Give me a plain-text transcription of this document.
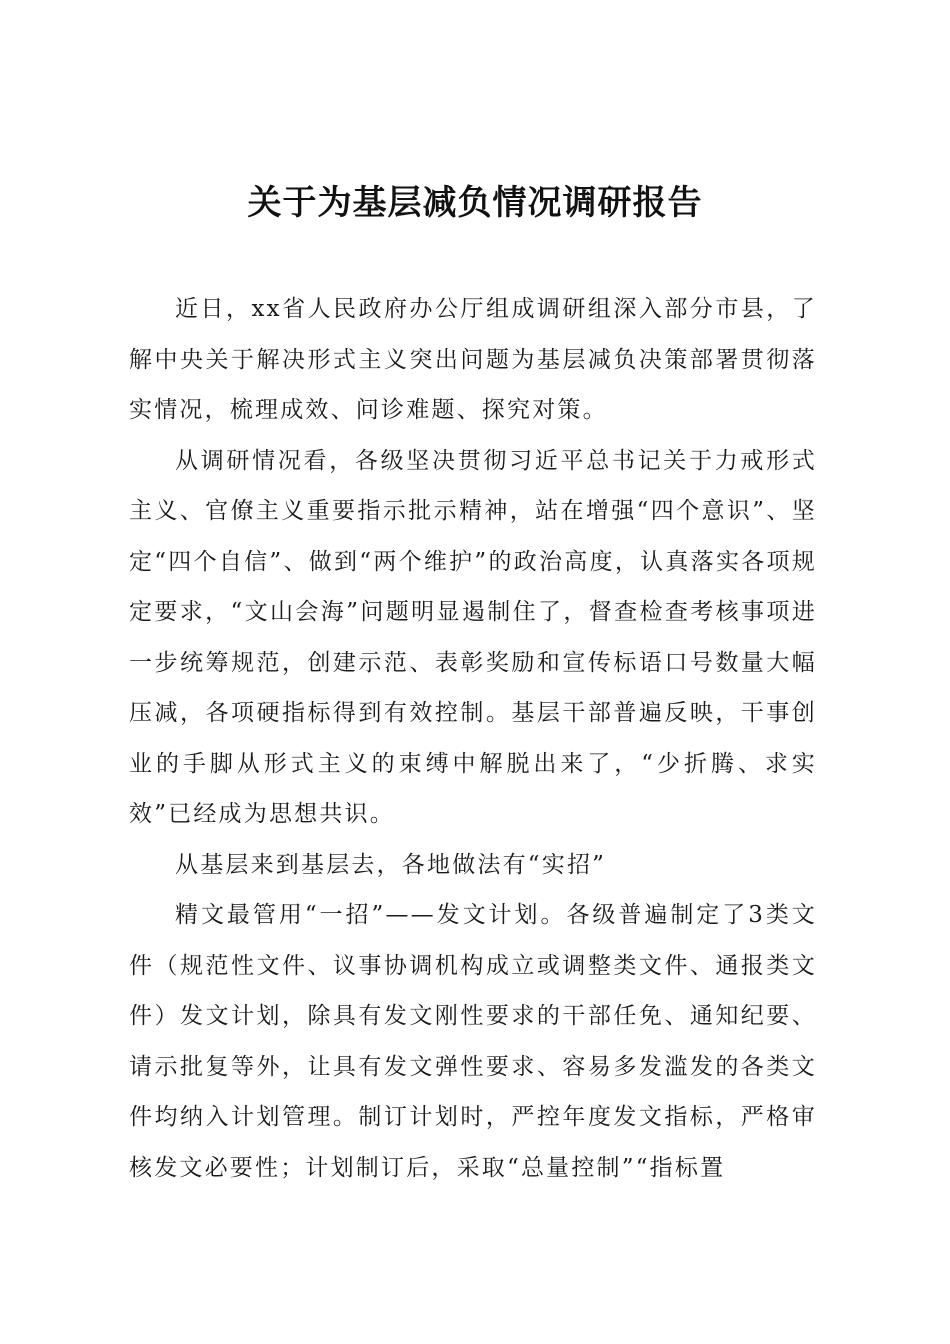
关于为基层减负情况调研报告

近日，xx省人民政府办公厅组成调研组深入部分市县，了解中央关于解决形式主义突出问题为基层减负决策部署贯彻落实情况，梳理成效、问诊难题、探究对策。

从调研情况看，各级坚决贯彻习近平总书记关于力戒形式主义、官僚主义重要指示批示精神，站在增强“四个意识”、坚定“四个自信”、做到“两个维护”的政治高度，认真落实各项规定要求，“文山会海”问题明显遏制住了，督查检查考核事项进一步统筹规范，创建示范、表彰奖励和宣传标语口号数量大幅压减，各项硬指标得到有效控制。基层干部普遍反映，干事创业的手脚从形式主义的束缚中解脱出来了，“少折腾、求实效”已经成为思想共识。

从基层来到基层去，各地做法有“实招”

精文最管用“一招”——发文计划。各级普遍制定了3类文件（规范性文件、议事协调机构成立或调整类文件、通报类文件）发文计划，除具有发文刚性要求的干部任免、通知纪要、请示批复等外，让具有发文弹性要求、容易多发滥发的各类文件均纳入计划管理。制订计划时，严控年度发文指标，严格审核发文必要性；计划制订后，采取“总量控制”“指标置
